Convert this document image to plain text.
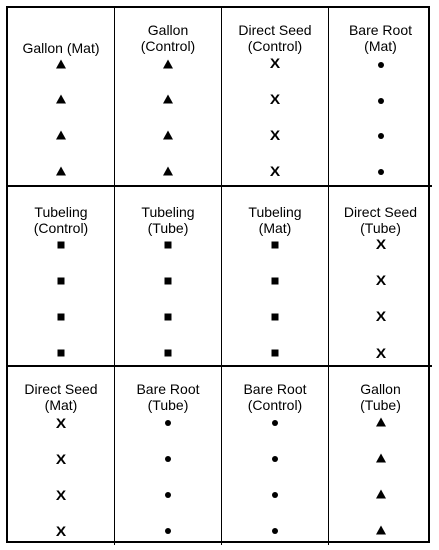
Gallon (Mat)
Gallon
(Control)
Direct Seed
(Control)
X
X
X
X
Bare Root
(Mat)
Tubeling
(Control)
Tubeling
(Tube)
Tubeling
(Mat)
Direct Seed
(Tube)
X
X
X
X
Direct Seed
(Mat)
X
X
X
X
Bare Root
(Tube)
Bare Root
(Control)
Gallon
(Tube)
